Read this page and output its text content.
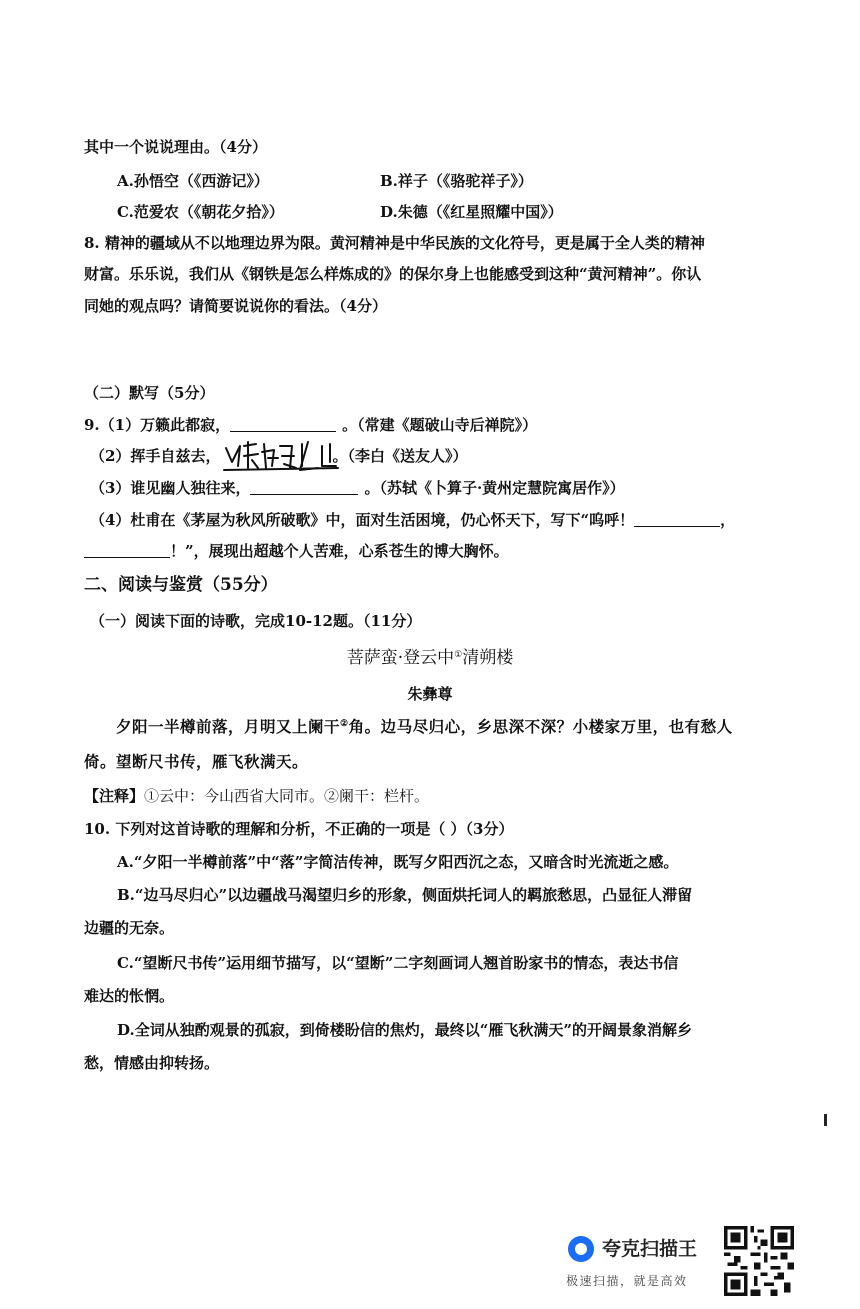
其中一个说说理由。（4分）
A.孙悟空（《西游记》）	B.祥子（《骆驼祥子》）
C.范爱农（《朝花夕拾》）	D.朱德（《红星照耀中国》）
8. 精神的疆域从不以地理边界为限。黄河精神是中华民族的文化符号，更是属于全人类的精神
财富。乐乐说，我们从《钢铁是怎么样炼成的》的保尔身上也能感受到这种“黄河精神”。你认
同她的观点吗？请简要说说你的看法。（4分）
（二）默写（5分）
9.（1）万籁此都寂，	。（常建《题破山寺后禅院》）
（2）挥手自兹去，	。（李白《送友人》）
（3）谁见幽人独往来，	。（苏轼《卜算子·黄州定慧院寓居作》）
（4）杜甫在《茅屋为秋风所破歌》中，面对生活困境，仍心怀天下，写下“呜呼！	，
！”，展现出超越个人苦难，心系苍生的博大胸怀。
二、阅读与鉴赏（55分）
（一）阅读下面的诗歌，完成10-12题。（11分）
菩萨蛮·登云中①清朔楼
朱彝尊
夕阳一半樽前落，月明又上阑干②角。边马尽归心，乡思深不深？小楼家万里，也有愁人
倚。望断尺书传，雁飞秋满天。
【注释】①云中：今山西省大同市。②阑干：栏杆。
10. 下列对这首诗歌的理解和分析，不正确的一项是（ ）（3分）
A.“夕阳一半樽前落”中“落”字简洁传神，既写夕阳西沉之态，又暗含时光流逝之感。
B.“边马尽归心”以边疆战马渴望归乡的形象，侧面烘托词人的羁旅愁思，凸显征人滞留
边疆的无奈。
C.“望断尺书传”运用细节描写，以“望断”二字刻画词人翘首盼家书的情态，表达书信
难达的怅惘。
D.全词从独酌观景的孤寂，到倚楼盼信的焦灼，最终以“雁飞秋满天”的开阔景象消解乡
愁，情感由抑转扬。
夸克扫描王
极速扫描，就是高效
